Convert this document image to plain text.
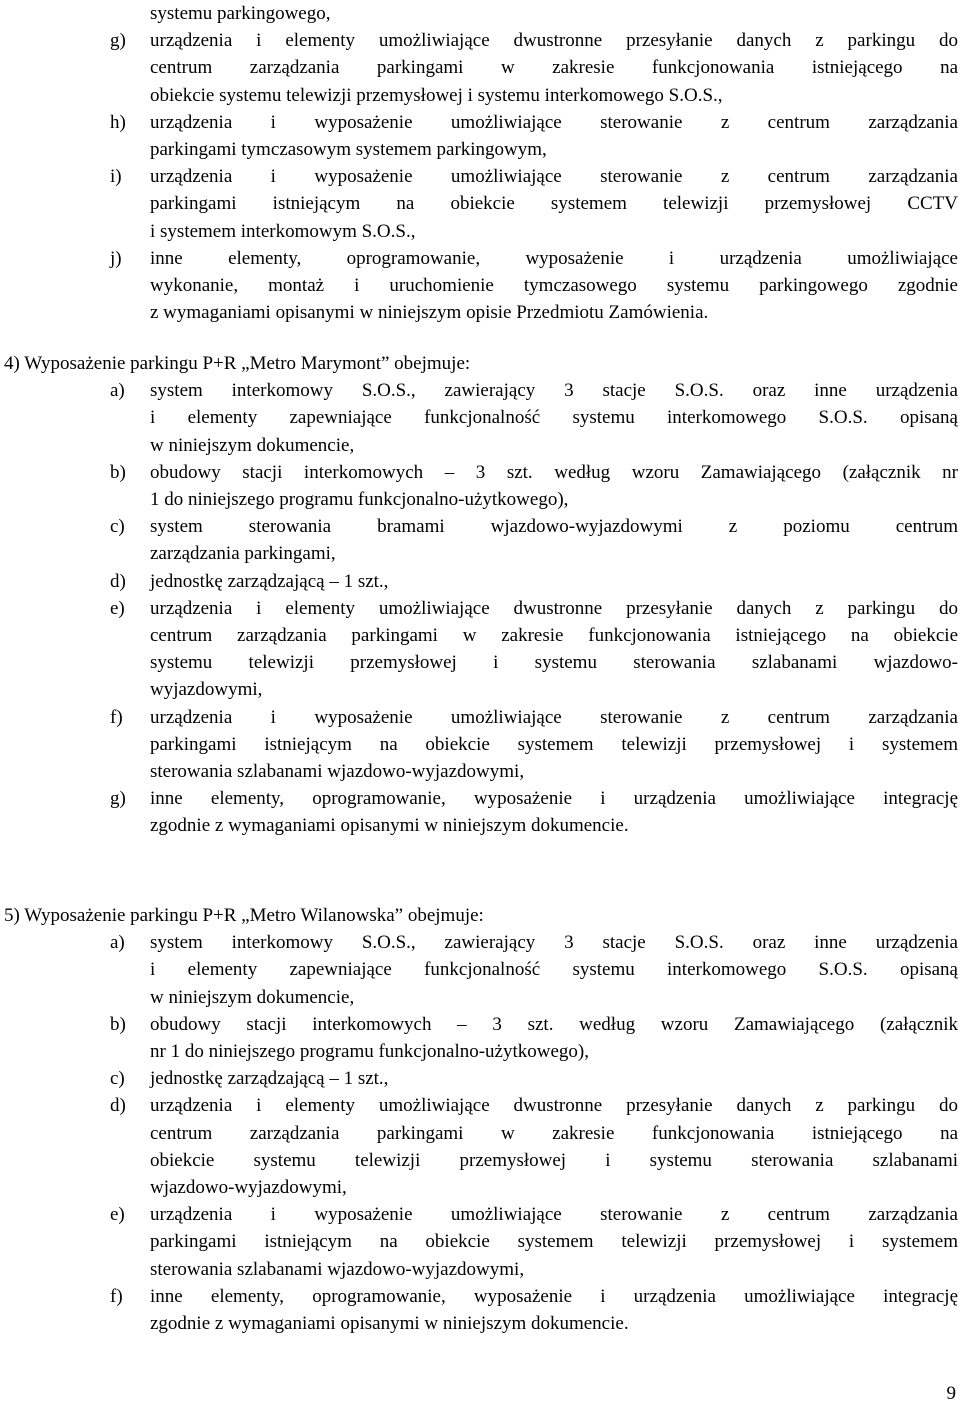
systemu parkingowego,
g) urządzenia i elementy umożliwiające dwustronne przesyłanie danych z parkingu do
centrum zarządzania parkingami w zakresie funkcjonowania istniejącego na
obiekcie systemu telewizji przemysłowej i systemu interkomowego S.O.S.,
h) urządzenia i wyposażenie umożliwiające sterowanie z centrum zarządzania
parkingami tymczasowym systemem parkingowym,
i) urządzenia i wyposażenie umożliwiające sterowanie z centrum zarządzania
parkingami istniejącym na obiekcie systemem telewizji przemysłowej CCTV
i systemem interkomowym S.O.S.,
j) inne elementy, oprogramowanie, wyposażenie i urządzenia umożliwiające
wykonanie, montaż i uruchomienie tymczasowego systemu parkingowego zgodnie
z wymaganiami opisanymi w niniejszym opisie Przedmiotu Zamówienia.
4) Wyposażenie parkingu P+R „Metro Marymont” obejmuje:
a) system interkomowy S.O.S., zawierający 3 stacje S.O.S. oraz inne urządzenia
i elementy zapewniające funkcjonalność systemu interkomowego S.O.S. opisaną
w niniejszym dokumencie,
b) obudowy stacji interkomowych – 3 szt. według wzoru Zamawiającego (załącznik nr
1 do niniejszego programu funkcjonalno-użytkowego),
c) system sterowania bramami wjazdowo-wyjazdowymi z poziomu centrum
zarządzania parkingami,
d) jednostkę zarządzającą – 1 szt.,
e) urządzenia i elementy umożliwiające dwustronne przesyłanie danych z parkingu do
centrum zarządzania parkingami w zakresie funkcjonowania istniejącego na obiekcie
systemu telewizji przemysłowej i systemu sterowania szlabanami wjazdowo-
wyjazdowymi,
f) urządzenia i wyposażenie umożliwiające sterowanie z centrum zarządzania
parkingami istniejącym na obiekcie systemem telewizji przemysłowej i systemem
sterowania szlabanami wjazdowo-wyjazdowymi,
g) inne elementy, oprogramowanie, wyposażenie i urządzenia umożliwiające integrację
zgodnie z wymaganiami opisanymi w niniejszym dokumencie.
5) Wyposażenie parkingu P+R „Metro Wilanowska” obejmuje:
a) system interkomowy S.O.S., zawierający 3 stacje S.O.S. oraz inne urządzenia
i elementy zapewniające funkcjonalność systemu interkomowego S.O.S. opisaną
w niniejszym dokumencie,
b) obudowy stacji interkomowych – 3 szt. według wzoru Zamawiającego (załącznik
nr 1 do niniejszego programu funkcjonalno-użytkowego),
c) jednostkę zarządzającą – 1 szt.,
d) urządzenia i elementy umożliwiające dwustronne przesyłanie danych z parkingu do
centrum zarządzania parkingami w zakresie funkcjonowania istniejącego na
obiekcie systemu telewizji przemysłowej i systemu sterowania szlabanami
wjazdowo-wyjazdowymi,
e) urządzenia i wyposażenie umożliwiające sterowanie z centrum zarządzania
parkingami istniejącym na obiekcie systemem telewizji przemysłowej i systemem
sterowania szlabanami wjazdowo-wyjazdowymi,
f) inne elementy, oprogramowanie, wyposażenie i urządzenia umożliwiające integrację
zgodnie z wymaganiami opisanymi w niniejszym dokumencie.
9
